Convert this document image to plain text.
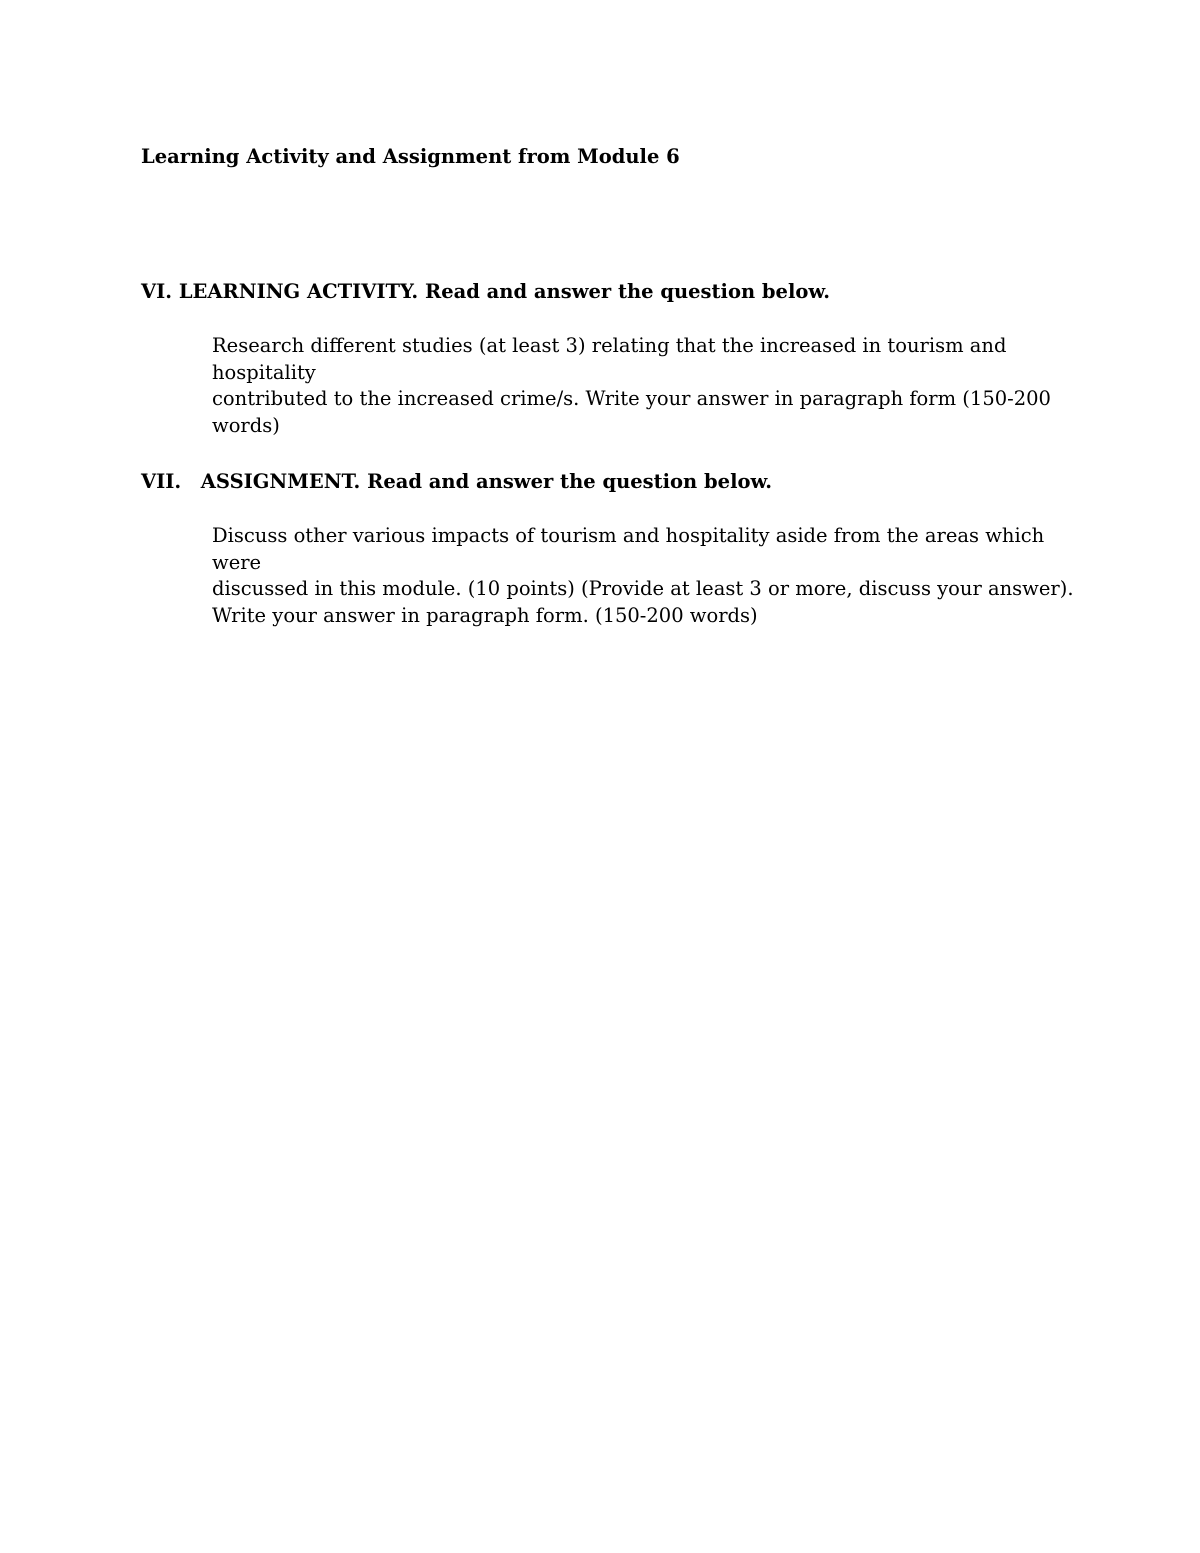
Learning Activity and Assignment from Module 6
VI. LEARNING ACTIVITY. Read and answer the question below.
Research different studies (at least 3) relating that the increased in tourism and hospitality
contributed to the increased crime/s. Write your answer in paragraph form (150-200
words)
VII. ASSIGNMENT. Read and answer the question below.
Discuss other various impacts of tourism and hospitality aside from the areas which were
discussed in this module. (10 points) (Provide at least 3 or more, discuss your answer).
Write your answer in paragraph form. (150-200 words)
